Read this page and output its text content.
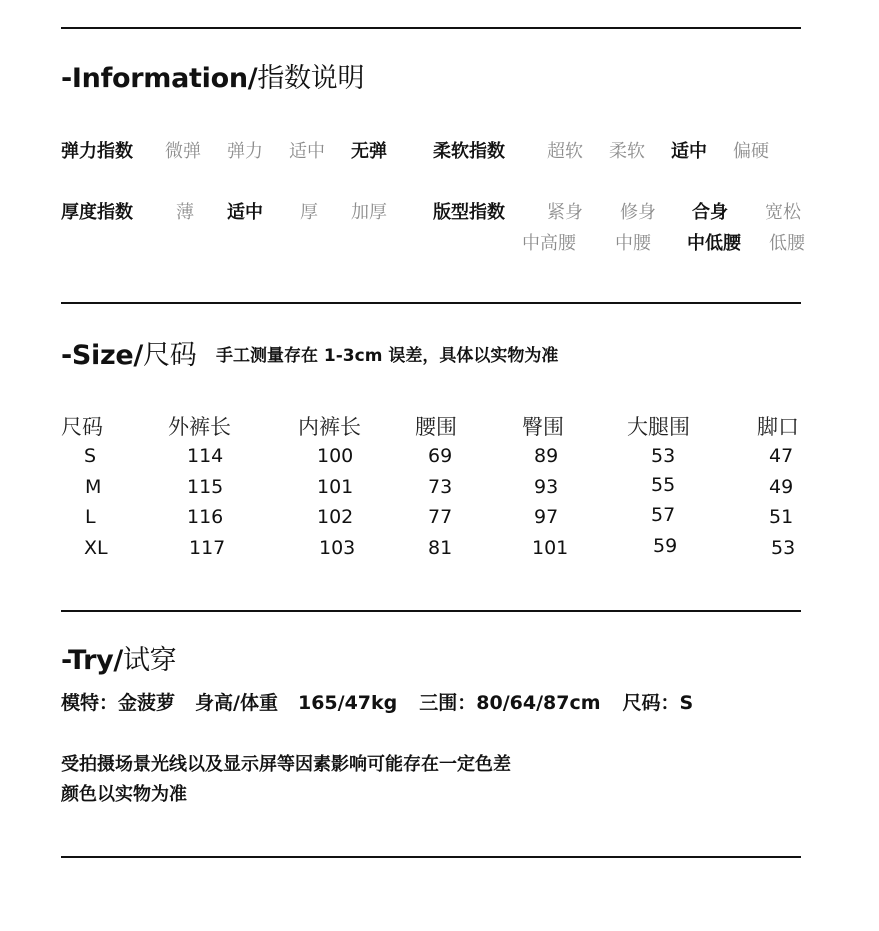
-Information/指数说明
弹力指数 微弹 弹力 适中 无弹	柔软指数 超软 柔软 适中 偏硬
厚度指数 薄 适中 厚 加厚	版型指数 紧身 修身 合身 宽松
中高腰 中腰 中低腰 低腰
-Size/尺码 手工测量存在 1-3cm 误差，具体以实物为准
尺码	外裤长	内裤长	腰围	臀围	大腿围	脚口
S	114	100	69	89	53	47
M	115	101	73	93	55	49
L	116	102	77	97	57	51
XL	117	103	81	101	59	53
-Try/试穿
模特：金菠萝 身高/体重 165/47kg 三围：80/64/87cm 尺码：S
受拍摄场景光线以及显示屏等因素影响可能存在一定色差
颜色以实物为准
